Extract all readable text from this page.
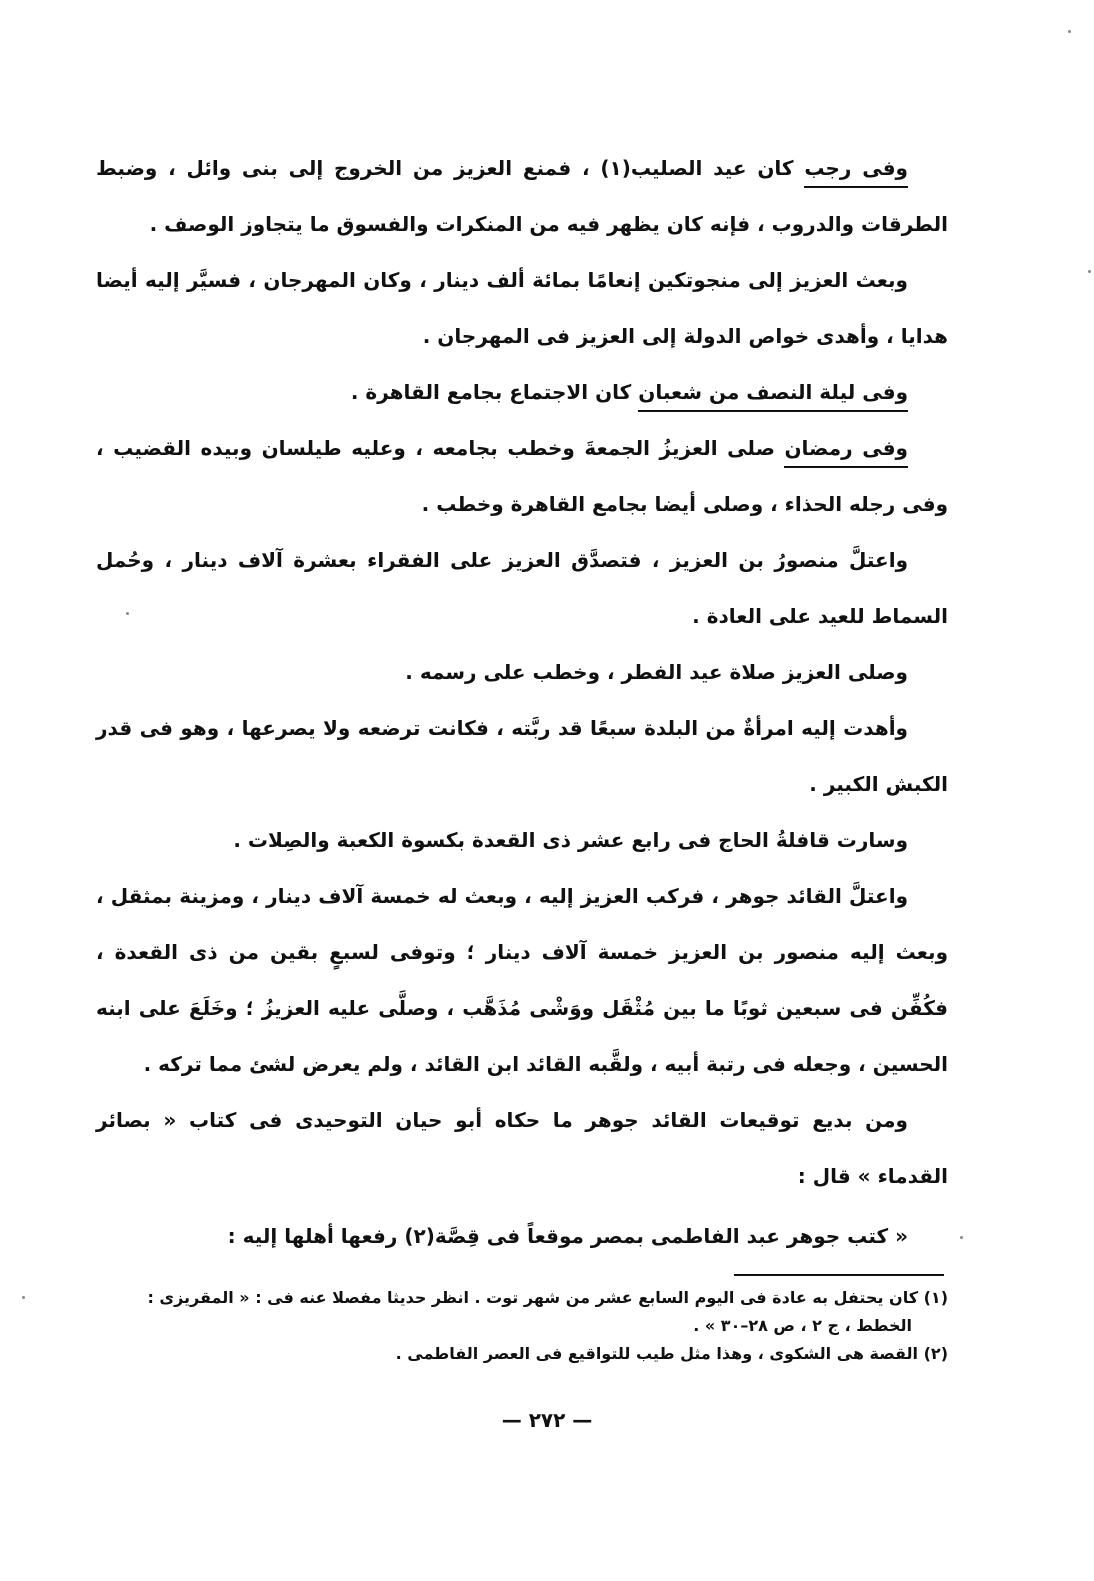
وفى رجب كان عيد الصليب(١) ، فمنع العزيز من الخروج إلى بنى وائل ، وضبط الطرقات والدروب ، فإنه كان يظهر فيه من المنكرات والفسوق ما يتجاوز الوصف .

وبعث العزيز إلى منجوتكين إنعامًا بمائة ألف دينار ، وكان المهرجان ، فسيَّر إليه أيضا هدايا ، وأهدى خواص الدولة إلى العزيز فى المهرجان .

وفى ليلة النصف من شعبان كان الاجتماع بجامع القاهرة .

وفى رمضان صلى العزيزُ الجمعةَ وخطب بجامعه ، وعليه طيلسان وبيده القضيب ، وفى رجله الحذاء ، وصلى أيضا بجامع القاهرة وخطب .

واعتلَّ منصورُ بن العزيز ، فتصدَّق العزيز على الفقراء بعشرة آلاف دينار ، وحُمل السماط للعيد على العادة .

وصلى العزيز صلاة عيد الفطر ، وخطب على رسمه .

وأهدت إليه امرأةٌ من البلدة سبعًا قد ربَّته ، فكانت ترضعه ولا يصرعها ، وهو فى قدر الكبش الكبير .

وسارت قافلةُ الحاج فى رابع عشر ذى القعدة بكسوة الكعبة والصِلات .

واعتلَّ القائد جوهر ، فركب العزيز إليه ، وبعث له خمسة آلاف دينار ، ومزينة بمثقل ، وبعث إليه منصور بن العزيز خمسة آلاف دينار ؛ وتوفى لسبعٍ بقين من ذى القعدة ، فكُفِّن فى سبعين ثوبًا ما بين مُثْقَل ووَشْى مُذَهَّب ، وصلَّى عليه العزيزُ ؛ وخَلَعَ على ابنه الحسين ، وجعله فى رتبة أبيه ، ولقَّبه القائد ابن القائد ، ولم يعرض لشئ مما تركه .

ومن بديع توقيعات القائد جوهر ما حكاه أبو حيان التوحيدى فى كتاب « بصائر القدماء » قال :

« كتب جوهر عبد الفاطمى بمصر موقعاً فى قِصَّة(٢) رفعها أهلها إليه :

(١) كان يحتفل به عادة فى اليوم السابع عشر من شهر توت . انظر حديثا مفصلا عنه فى : « المقريزى : الخطط ، ج ٢ ، ص ٢٨–٣٠ » .

(٢) القصة هى الشكوى ، وهذا مثل طيب للتواقيع فى العصر الفاطمى .

— ٢٧٢ —
